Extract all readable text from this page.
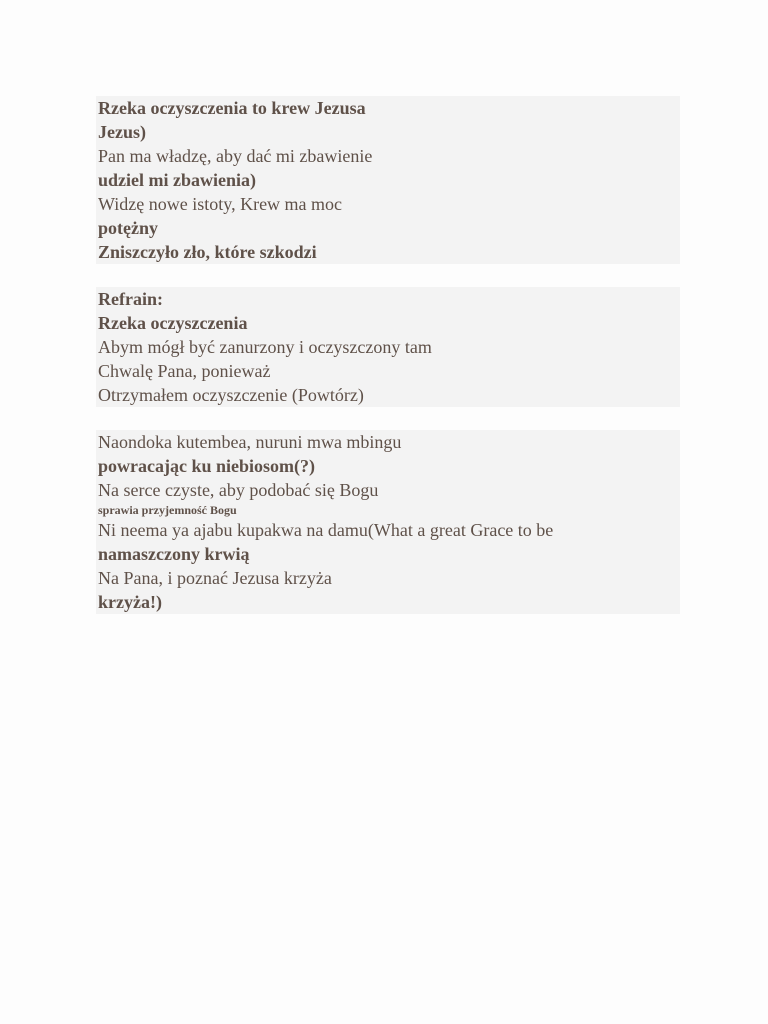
Rzeka oczyszczenia to krew Jezusa
Jezus)
Pan ma władzę, aby dać mi zbawienie
udziel mi zbawienia)
Widzę nowe istoty, Krew ma moc
potężny
Zniszczyło zło, które szkodzi
Refrain:
Rzeka oczyszczenia
Abym mógł być zanurzony i oczyszczony tam
Chwalę Pana, ponieważ
Otrzymałem oczyszczenie (Powtórz)
Naondoka kutembea, nuruni mwa mbingu
powracając ku niebiosom(?)
Na serce czyste, aby podobać się Bogu
sprawia przyjemność Bogu
Ni neema ya ajabu kupakwa na damu(What a great Grace to be
namaszczony krwią
Na Pana, i poznać Jezusa krzyża
krzyża!)
